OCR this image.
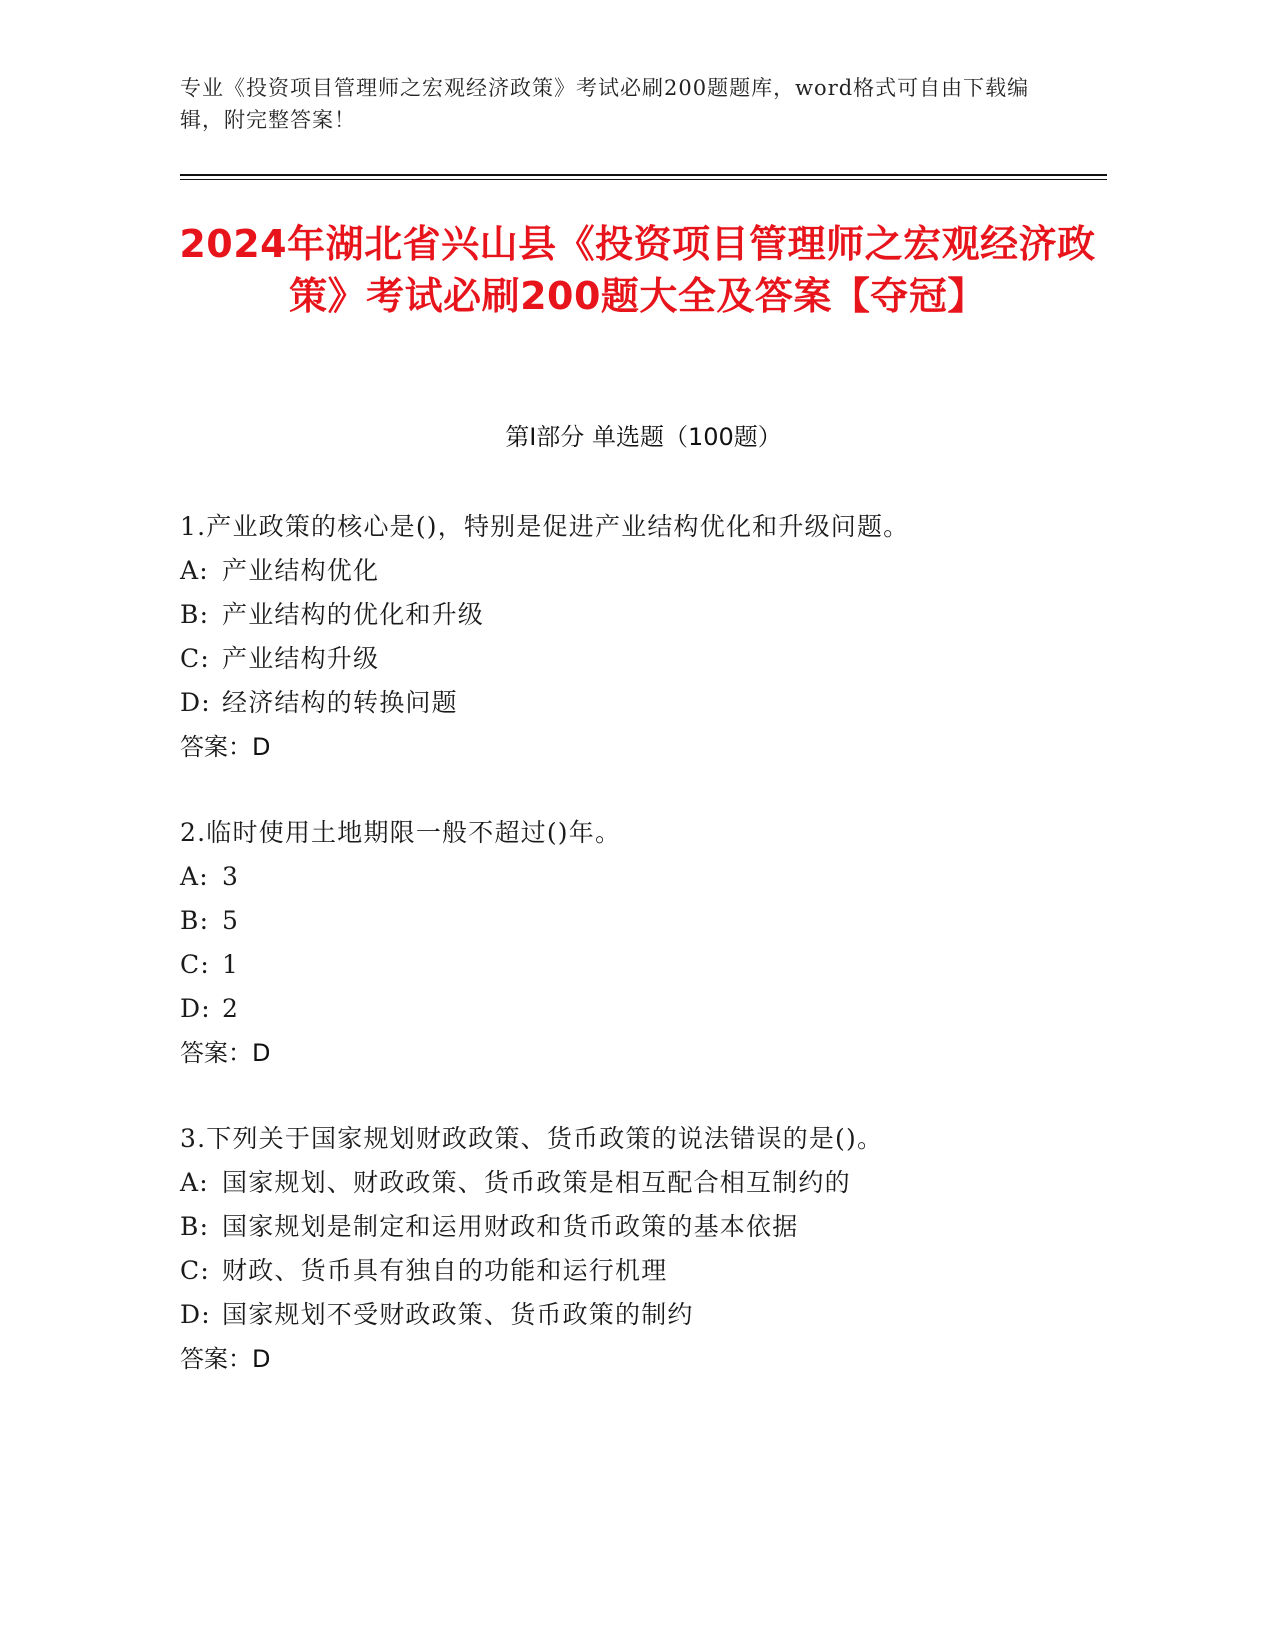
专业《投资项目管理师之宏观经济政策》考试必刷200题题库，word格式可自由下载编辑，附完整答案！
2024年湖北省兴山县《投资项目管理师之宏观经济政策》考试必刷200题大全及答案【夺冠】
第Ⅰ部分 单选题（100题）
1.产业政策的核心是()，特别是促进产业结构优化和升级问题。
A: 产业结构优化
B: 产业结构的优化和升级
C: 产业结构升级
D: 经济结构的转换问题
答案：D
2.临时使用土地期限一般不超过()年。
A: 3
B: 5
C: 1
D: 2
答案：D
3.下列关于国家规划财政政策、货币政策的说法错误的是()。
A: 国家规划、财政政策、货币政策是相互配合相互制约的
B: 国家规划是制定和运用财政和货币政策的基本依据
C: 财政、货币具有独自的功能和运行机理
D: 国家规划不受财政政策、货币政策的制约
答案：D
